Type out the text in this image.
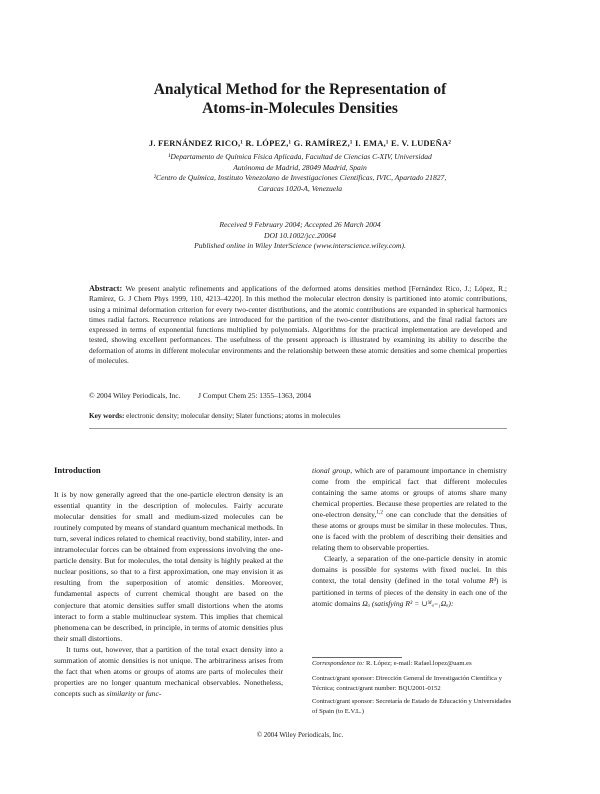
Analytical Method for the Representation of
Atoms-in-Molecules Densities
J. FERNÁNDEZ RICO,¹ R. LÓPEZ,¹ G. RAMÍREZ,¹ I. EMA,¹ E. V. LUDEÑA²
¹Departamento de Química Física Aplicada, Facultad de Ciencias C-XIV, Universidad
Autónoma de Madrid, 28049 Madrid, Spain
²Centro de Química, Instituto Venezolano de Investigaciones Científicas, IVIC, Apartado 21827,
Caracas 1020-A, Venezuela
Received 9 February 2004; Accepted 26 March 2004
DOI 10.1002/jcc.20064
Published online in Wiley InterScience (www.interscience.wiley.com).
Abstract: We present analytic refinements and applications of the deformed atoms densities method [Fernández Rico, J.; López, R.; Ramírez, G. J Chem Phys 1999, 110, 4213–4220]. In this method the molecular electron density is partitioned into atomic contributions, using a minimal deformation criterion for every two-center distributions, and the atomic contributions are expanded in spherical harmonics times radial factors. Recurrence relations are introduced for the partition of the two-center distributions, and the final radial factors are expressed in terms of exponential functions multiplied by polynomials. Algorithms for the practical implementation are developed and tested, showing excellent performances. The usefulness of the present approach is illustrated by examining its ability to describe the deformation of atoms in different molecular environments and the relationship between these atomic densities and some chemical properties of molecules.
© 2004 Wiley Periodicals, Inc. J Comput Chem 25: 1355–1363, 2004
Key words: electronic density; molecular density; Slater functions; atoms in molecules
Introduction

It is by now generally agreed that the one-particle electron density is an essential quantity in the description of molecules. Fairly accurate molecular densities for small and medium-sized molecules can be routinely computed by means of standard quantum mechanical methods. In turn, several indices related to chemical reactivity, bond stability, inter- and intramolecular forces can be obtained from expressions involving the one-particle density. But for molecules, the total density is highly peaked at the nuclear positions, so that to a first approximation, one may envision it as resulting from the superposition of atomic densities. Moreover, fundamental aspects of current chemical thought are based on the conjecture that atomic densities suffer small distortions when the atoms interact to form a stable multinuclear system. This implies that chemical phenomena can be described, in principle, in terms of atomic densities plus their small distortions.

It turns out, however, that a partition of the total exact density into a summation of atomic densities is not unique. The arbitrariness arises from the fact that when atoms or groups of atoms are parts of molecules their properties are no longer quantum mechanical observables. Nonetheless, concepts such as similarity or func-

tional group, which are of paramount importance in chemistry come from the empirical fact that different molecules containing the same atoms or groups of atoms share many chemical properties. Because these properties are related to the one-electron density,$^{1,2}$ one can conclude that the densities of these atoms or groups must be similar in these molecules. Thus, one is faced with the problem of describing their densities and relating them to observable properties.

Clearly, a separation of the one-particle density in atomic domains is possible for systems with fixed nuclei. In this context, the total density (defined in the total volume R³) is partitioned in terms of pieces of the density in each one of the atomic domains Ωₐ (satisfying R³ = ∪ᴹₐ₌₁Ωₐ):

Correspondence to: R. López; e-mail: Rafael.lopez@uam.es
Contract/grant sponsor: Dirección General de Investigación Científica y Técnica; contract/grant number: BQU2001-0152
Contract/grant sponsor: Secretaría de Estado de Educación y Universidades of Spain (to E.V.L.)
© 2004 Wiley Periodicals, Inc.
